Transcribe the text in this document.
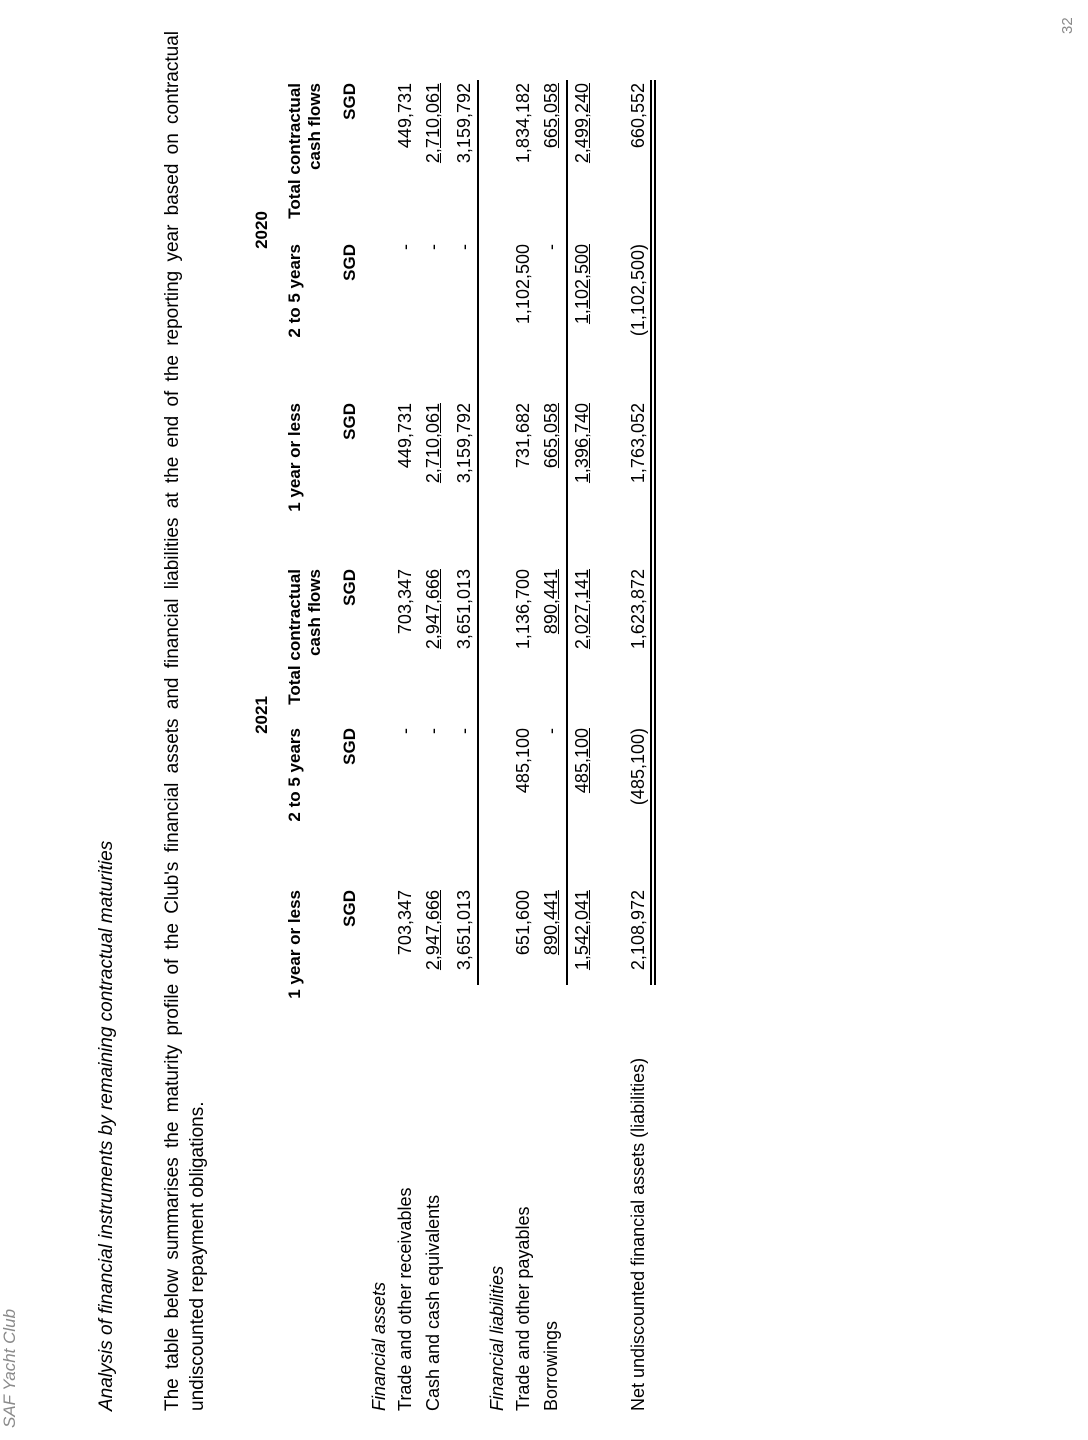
SAF Yacht Club
32
Analysis of financial instruments by remaining contractual maturities The table below summarises the maturity profile of the Club's financial assets and financial liabilities at the end of the reporting year based on contractual undiscounted repayment obligations.
2021
2020
1 year or less SGD
2 to 5 years SGD
Total contractual cash flows SGD
1 year or less SGD
2 to 5 years SGD
Total contractual cash flows SGD
Financial assets Trade and other receivables
703,347
-
703,347
449,731
-
449,731
Cash and cash equivalents
2,947,666
-
2,947,666
2,710,061
-
2,710,061
3,651,013
-
3,651,013
3,159,792
-
3,159,792
Financial liabilities Trade and other payables
651,600
485,100
1,136,700
731,682
1,102,500
1,834,182
Borrowings
890,441
-
890,441
665,058
-
665,058
1,542,041
485,100
2,027,141
1,396,740
1,102,500
2,499,240
Net undiscounted financial assets (liabilities)
2,108,972
(485,100)
1,623,872
1,763,052
(1,102,500)
660,552
